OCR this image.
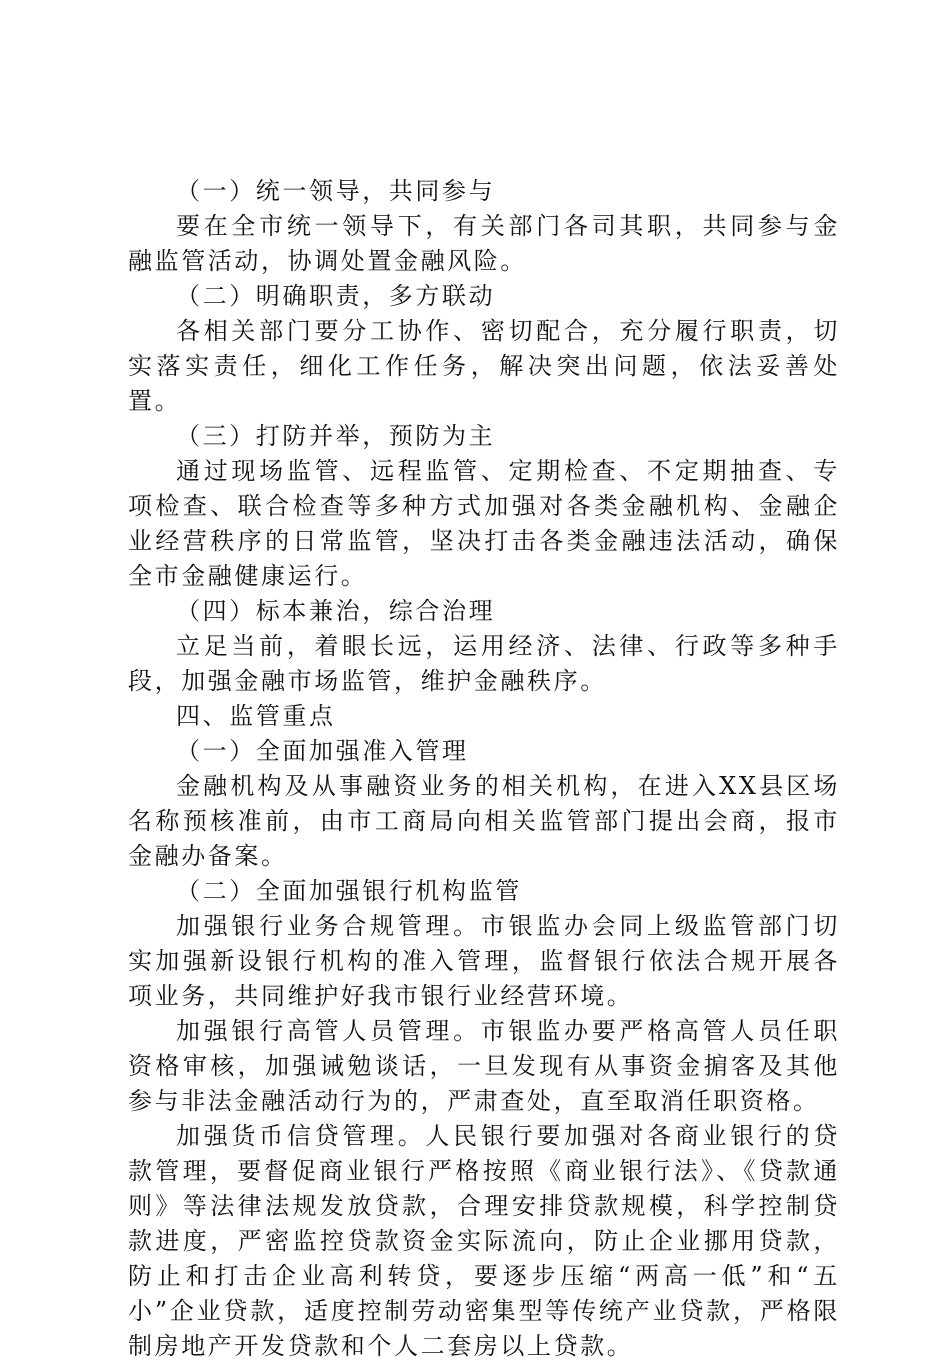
（一）统一领导，共同参与

要在全市统一领导下，有关部门各司其职，共同参与金融监管活动，协调处置金融风险。

（二）明确职责，多方联动

各相关部门要分工协作、密切配合，充分履行职责，切实落实责任，细化工作任务，解决突出问题，依法妥善处置。

（三）打防并举，预防为主

通过现场监管、远程监管、定期检查、不定期抽查、专项检查、联合检查等多种方式加强对各类金融机构、金融企业经营秩序的日常监管，坚决打击各类金融违法活动，确保全市金融健康运行。

（四）标本兼治，综合治理

立足当前，着眼长远，运用经济、法律、行政等多种手段，加强金融市场监管，维护金融秩序。

四、监管重点

（一）全面加强准入管理

金融机构及从事融资业务的相关机构，在进入XX县区场名称预核准前，由市工商局向相关监管部门提出会商，报市金融办备案。

（二）全面加强银行机构监管

加强银行业务合规管理。市银监办会同上级监管部门切实加强新设银行机构的准入管理，监督银行依法合规开展各项业务，共同维护好我市银行业经营环境。

加强银行高管人员管理。市银监办要严格高管人员任职资格审核，加强诫勉谈话，一旦发现有从事资金掮客及其他参与非法金融活动行为的，严肃查处，直至取消任职资格。

加强货币信贷管理。人民银行要加强对各商业银行的贷款管理，要督促商业银行严格按照《商业银行法》、《贷款通则》等法律法规发放贷款，合理安排贷款规模，科学控制贷款进度，严密监控贷款资金实际流向，防止企业挪用贷款，防止和打击企业高利转贷，要逐步压缩“两高一低”和“五小”企业贷款，适度控制劳动密集型等传统产业贷款，严格限制房地产开发贷款和个人二套房以上贷款。
